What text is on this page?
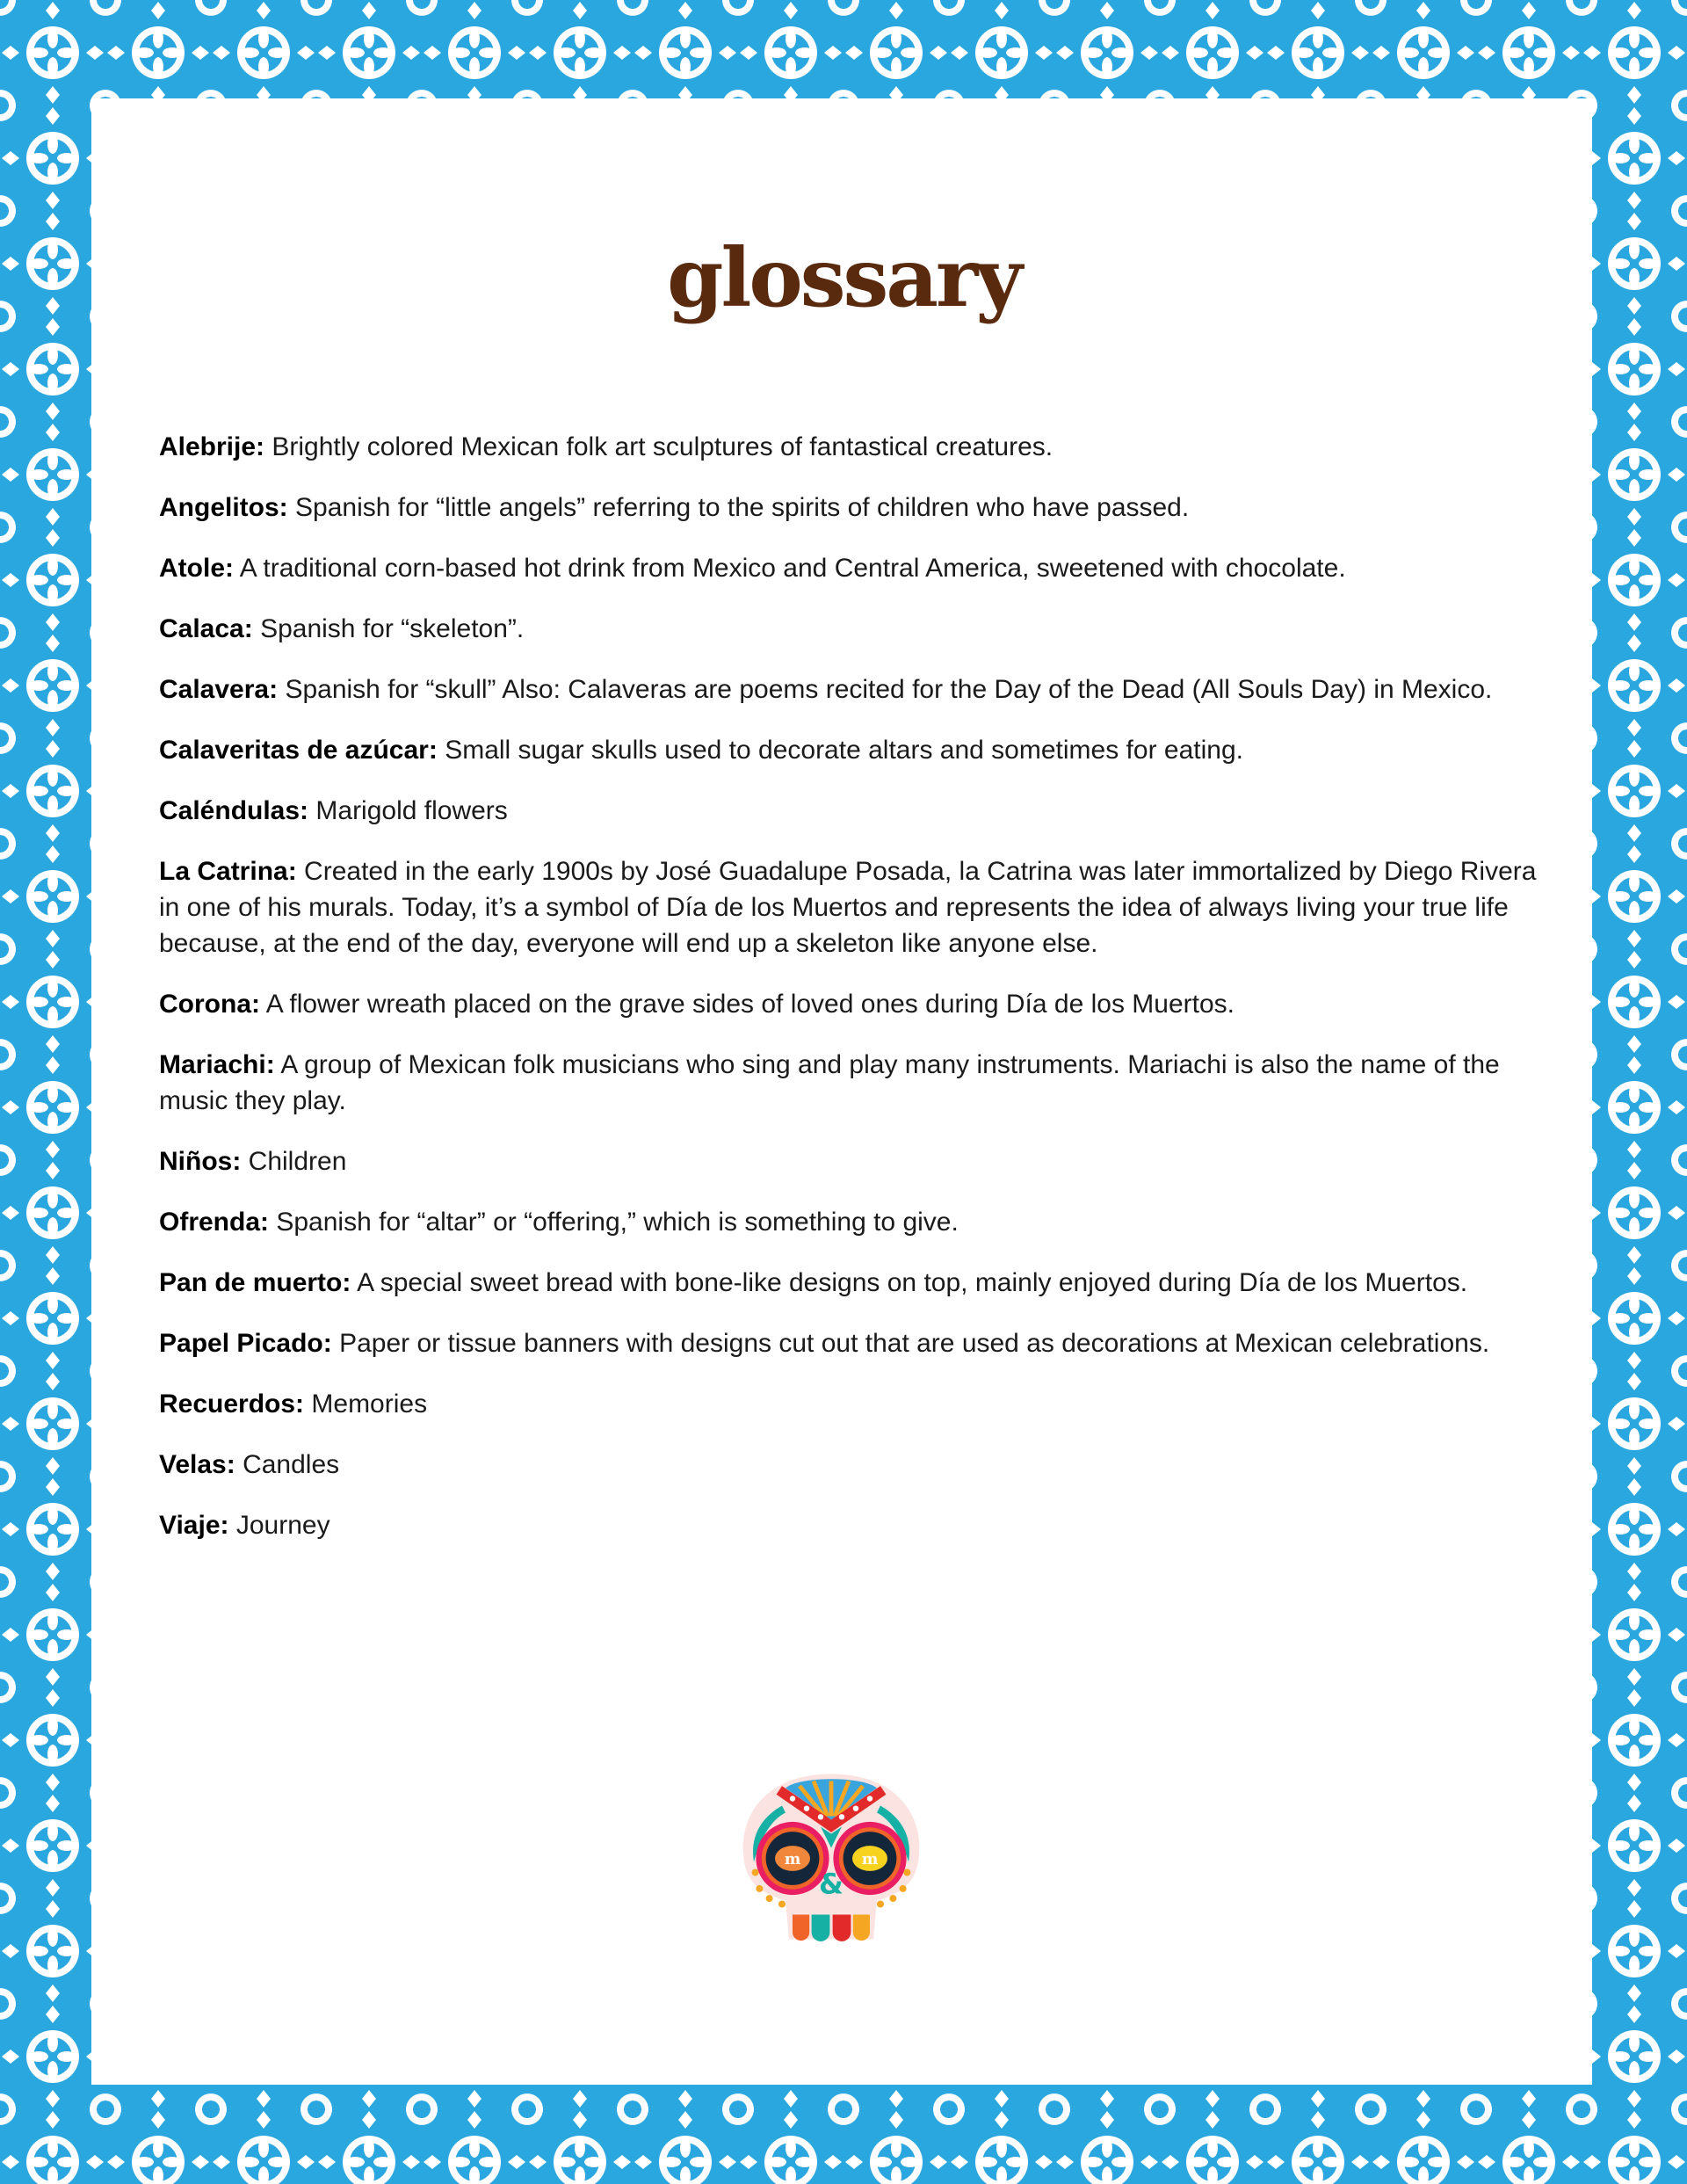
glossary
Alebrije: Brightly colored Mexican folk art sculptures of fantastical creatures.
Angelitos: Spanish for “little angels” referring to the spirits of children who have passed.
Atole: A traditional corn-based hot drink from Mexico and Central America, sweetened with chocolate.
Calaca: Spanish for “skeleton”.
Calavera: Spanish for “skull” Also: Calaveras are poems recited for the Day of the Dead (All Souls Day) in Mexico.
Calaveritas de azúcar: Small sugar skulls used to decorate altars and sometimes for eating.
Caléndulas: Marigold flowers
La Catrina: Created in the early 1900s by José Guadalupe Posada, la Catrina was later immortalized by Diego Rivera in one of his murals. Today, it’s a symbol of Día de los Muertos and represents the idea of always living your true life because, at the end of the day, everyone will end up a skeleton like anyone else.
Corona: A flower wreath placed on the grave sides of loved ones during Día de los Muertos.
Mariachi: A group of Mexican folk musicians who sing and play many instruments. Mariachi is also the name of the music they play.
Niños: Children
Ofrenda: Spanish for “altar” or “offering,” which is something to give.
Pan de muerto: A special sweet bread with bone-like designs on top, mainly enjoyed during Día de los Muertos.
Papel Picado: Paper or tissue banners with designs cut out that are used as decorations at Mexican celebrations.
Recuerdos: Memories
Velas: Candles
Viaje: Journey
m	m
&
